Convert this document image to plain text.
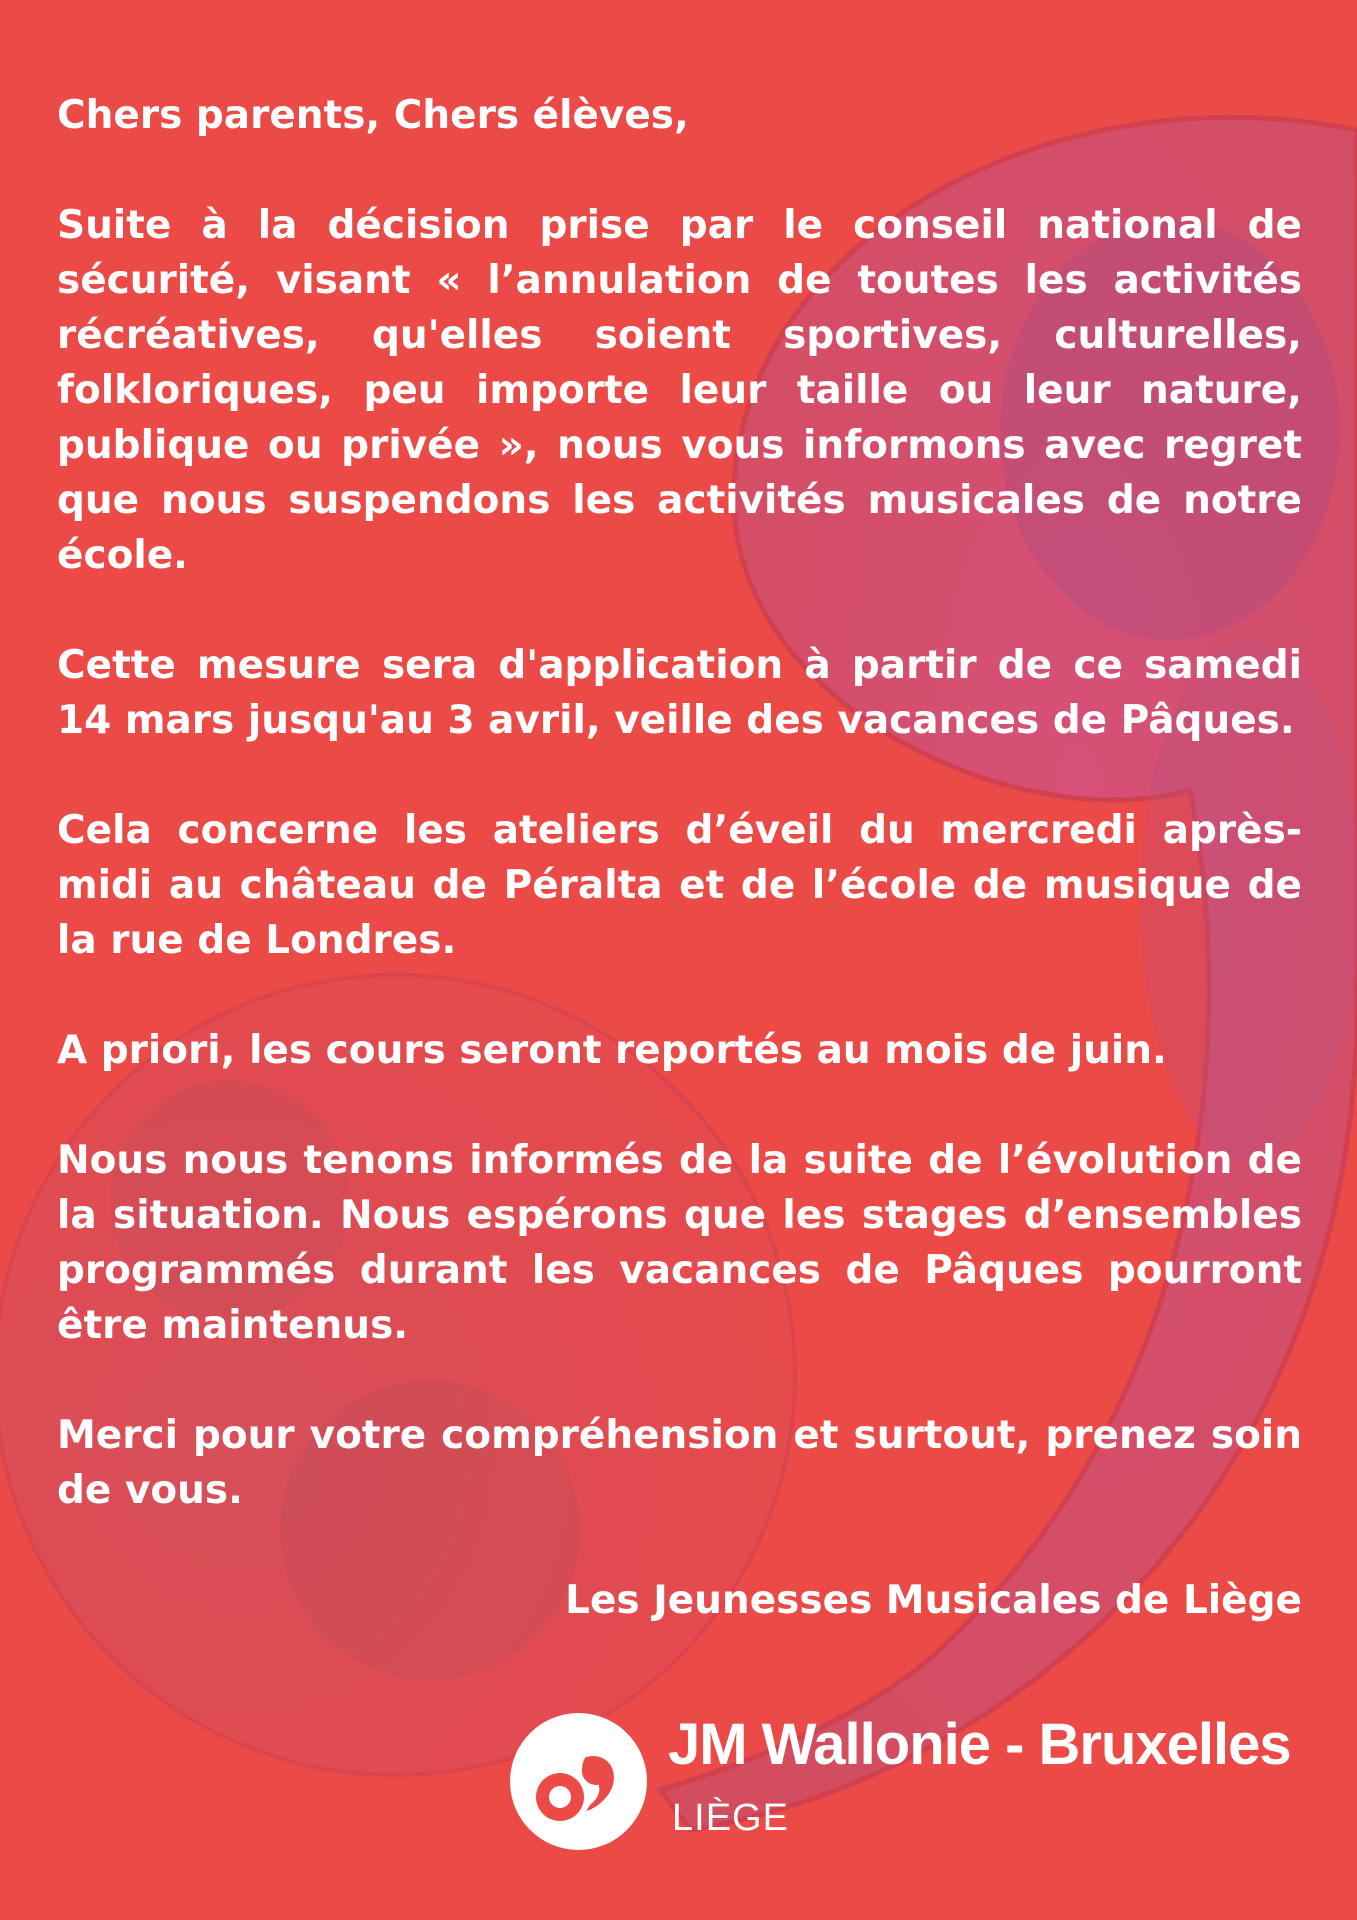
Chers parents, Chers élèves,

Suite à la décision prise par le conseil national de sécurité, visant « l’annulation de toutes les activités récréatives, qu'elles soient sportives, culturelles, folkloriques, peu importe leur taille ou leur nature, publique ou privée », nous vous informons avec regret que nous suspendons les activités musicales de notre école.

Cette mesure sera d'application à partir de ce samedi 14 mars jusqu'au 3 avril, veille des vacances de Pâques.

Cela concerne les ateliers d’éveil du mercredi après-midi au château de Péralta et de l’école de musique de la rue de Londres.

A priori, les cours seront reportés au mois de juin.

Nous nous tenons informés de la suite de l’évolution de la situation. Nous espérons que les stages d’ensembles programmés durant les vacances de Pâques pourront être maintenus.

Merci pour votre compréhension et surtout, prenez soin de vous.

Les Jeunesses Musicales de Liège

JM Wallonie - Bruxelles
LIÈGE
